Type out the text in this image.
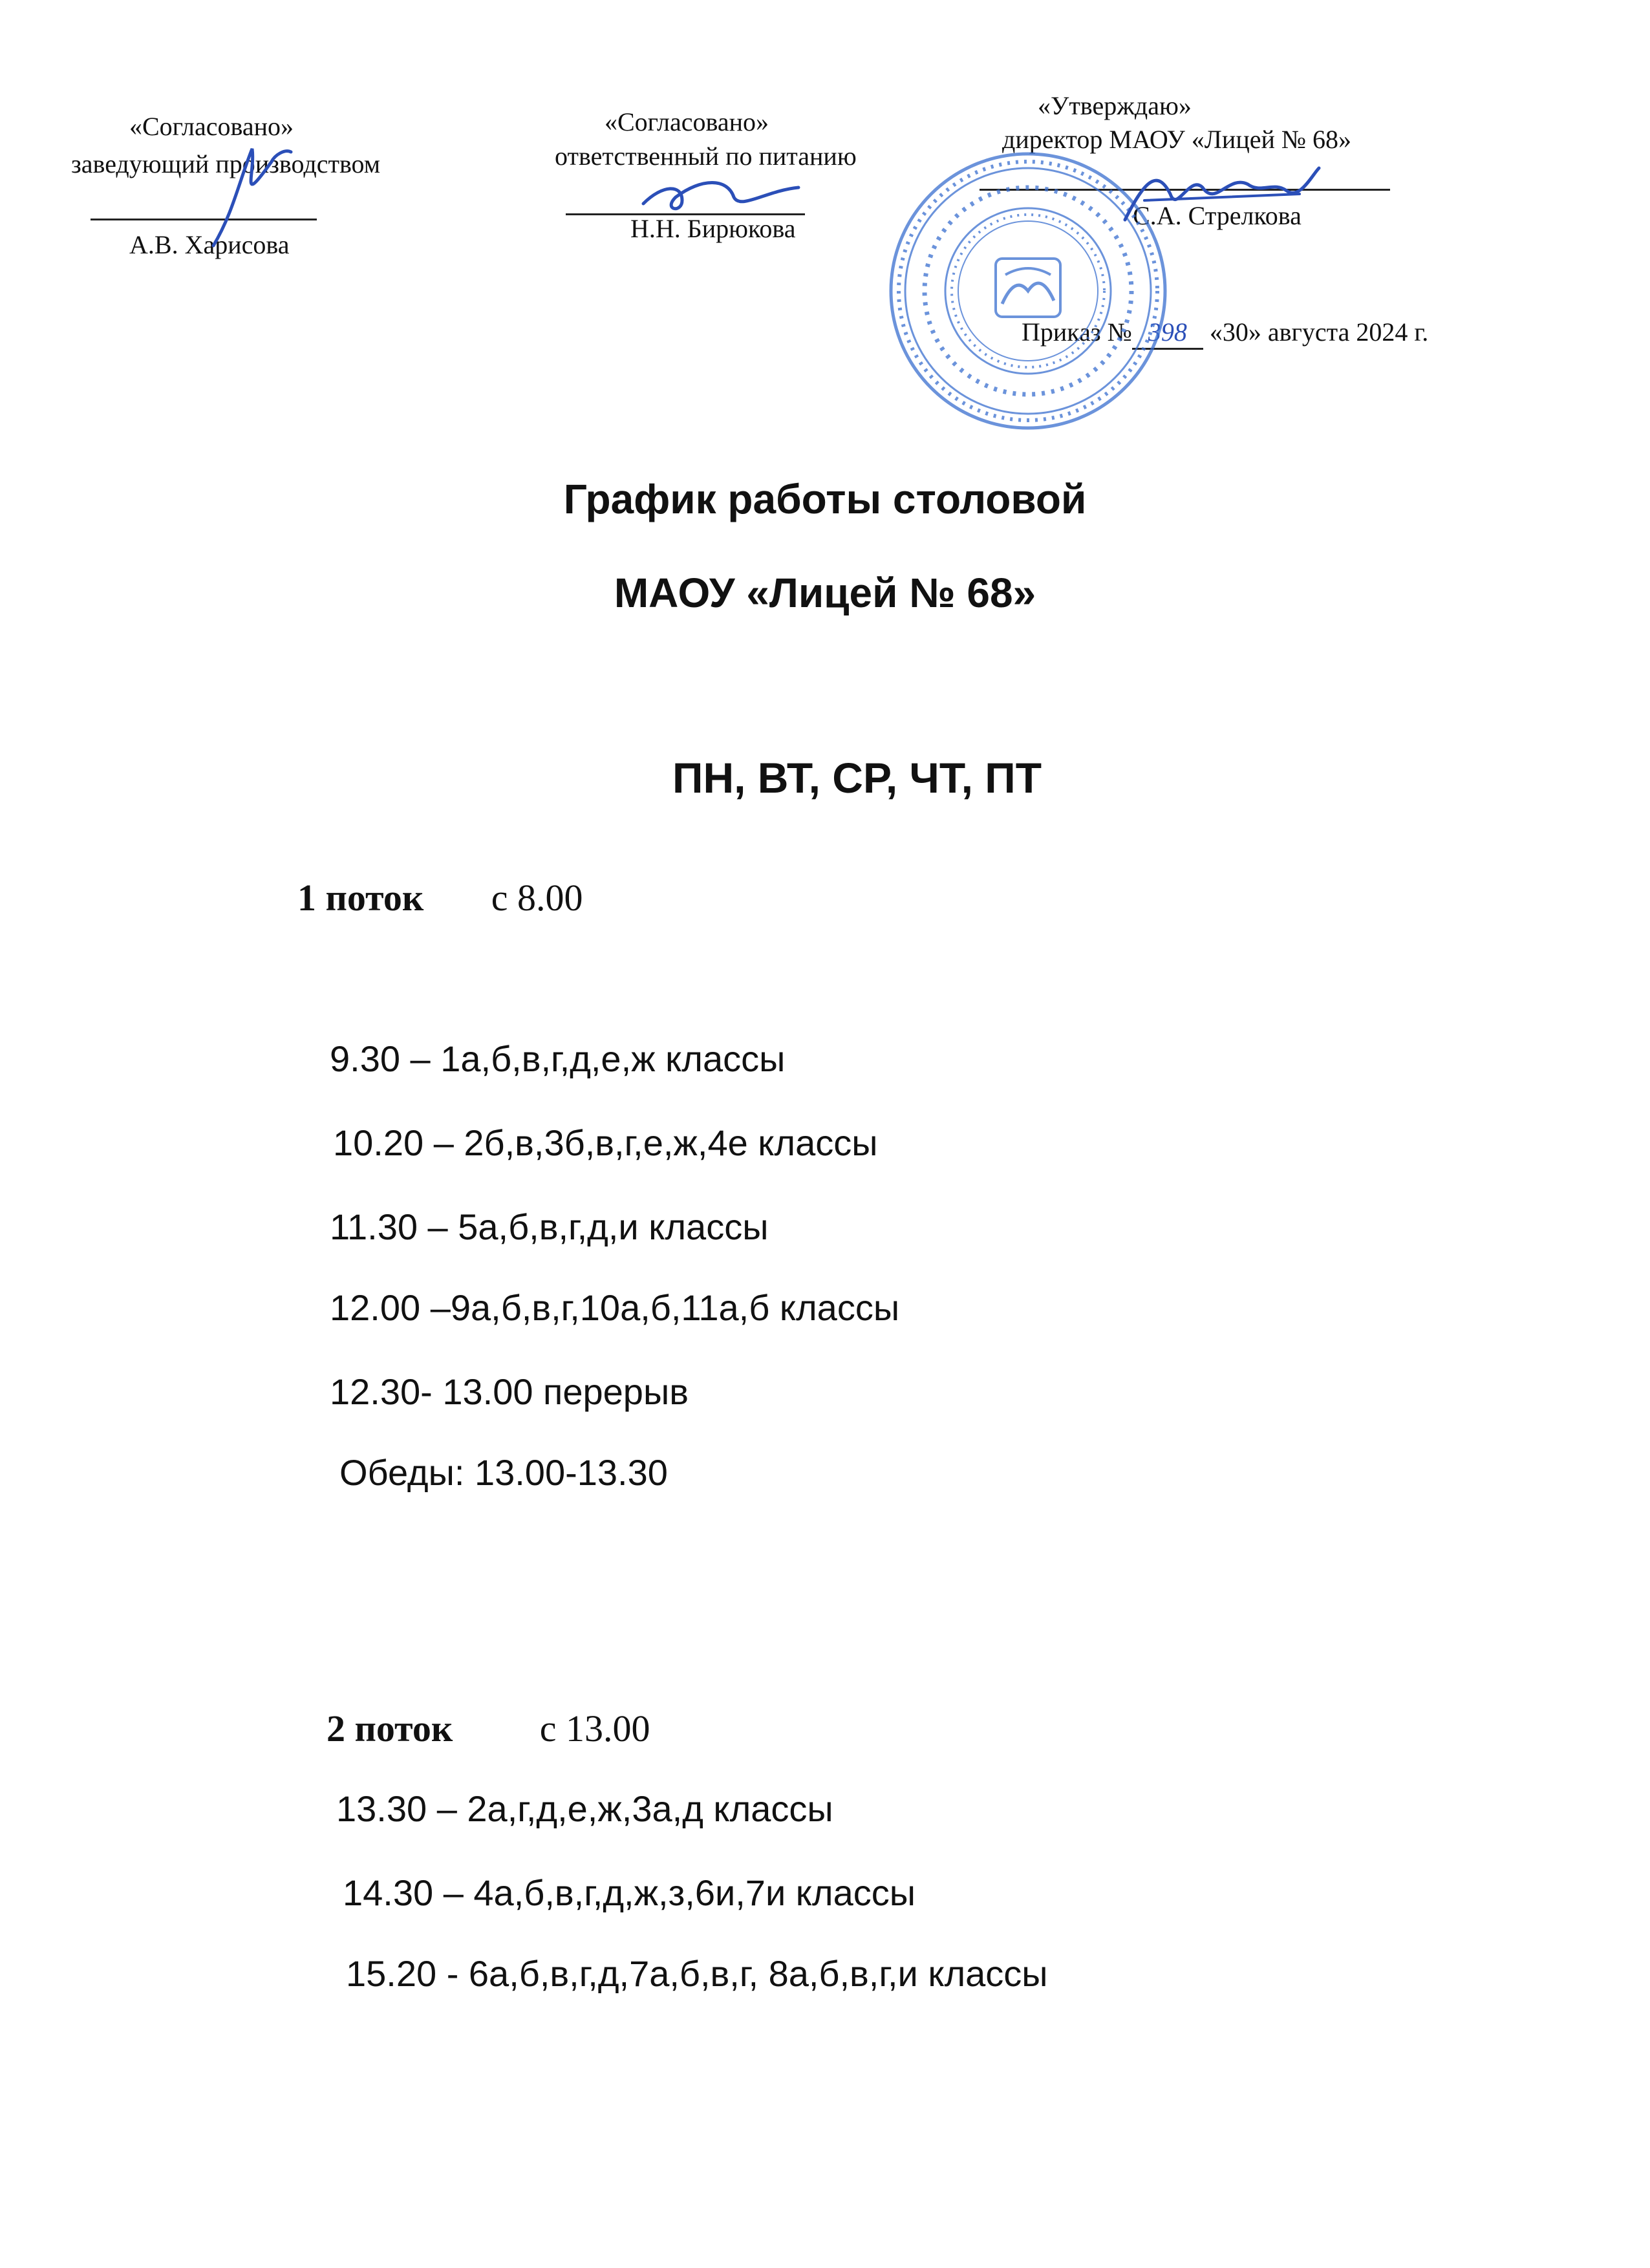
«Согласовано»
заведующий производством
А.В. Харисова
«Согласовано»
ответственный по питанию
Н.Н. Бирюкова
«Утверждаю»
директор МАОУ «Лицей № 68»
С.А. Стрелкова
Приказ № 398 «30» августа 2024 г.
График работы столовой
МАОУ «Лицей № 68»
ПН, ВТ, СР, ЧТ, ПТ
1 поток с 8.00
9.30 – 1а,б,в,г,д,е,ж классы
10.20 – 2б,в,3б,в,г,е,ж,4е классы
11.30 – 5а,б,в,г,д,и классы
12.00 –9а,б,в,г,10а,б,11а,б классы
12.30- 13.00 перерыв
Обеды: 13.00-13.30
2 поток с 13.00
13.30 – 2а,г,д,е,ж,3а,д классы
14.30 – 4а,б,в,г,д,ж,з,6и,7и классы
15.20 - 6а,б,в,г,д,7а,б,в,г, 8а,б,в,г,и классы
